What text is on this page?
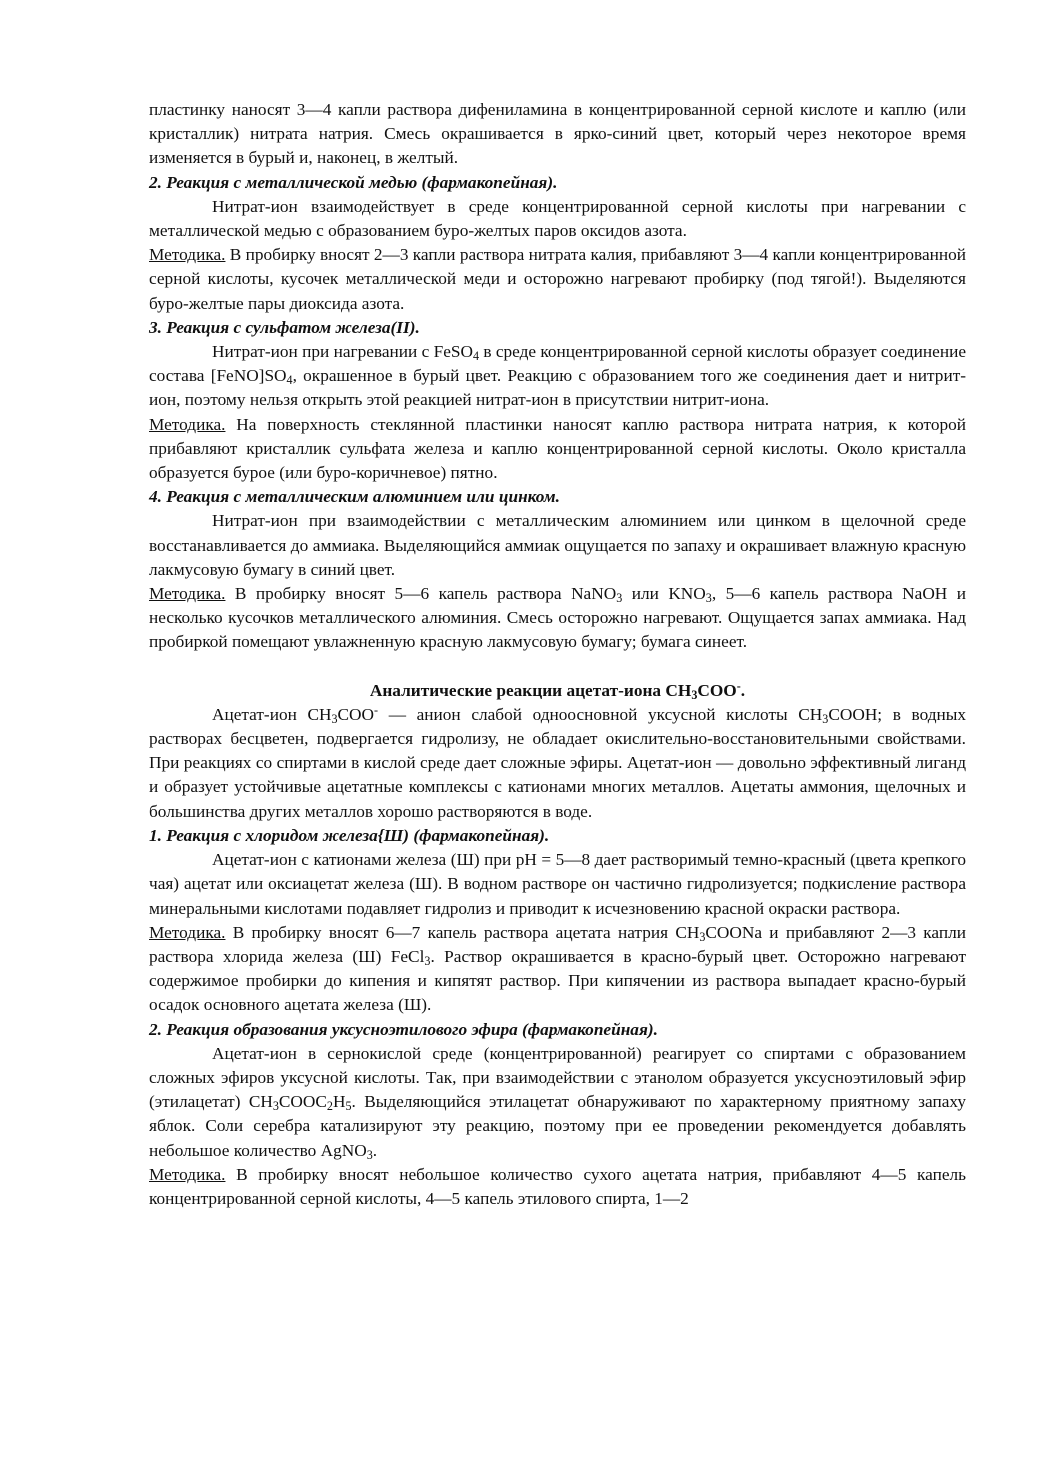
пластинку наносят 3—4 капли раствора дифениламина в концентрированной серной кислоте и каплю (или кристаллик) нитрата натрия. Смесь окрашивается в ярко-синий цвет, который через некоторое время изменяется в бурый и, наконец, в желтый.

2. Реакция с металлической медью (фармакопейная).

Нитрат-ион взаимодействует в среде концентрированной серной кислоты при нагревании с металлической медью с образованием буро-желтых паров оксидов азота.

Методика. В пробирку вносят 2—3 капли раствора нитрата калия, прибавляют 3—4 капли концентрированной серной кислоты, кусочек металлической меди и осторожно нагревают пробирку (под тягой!). Выделяются буро-желтые пары диоксида азота.

3. Реакция с сульфатом железа(II).

Нитрат-ион при нагревании с FeSO$_4$ в среде концентрированной серной кислоты образует соединение состава $[FeNO]SO_4$, окрашенное в бурый цвет. Реакцию с образованием того же соединения дает и нитрит-ион, поэтому нельзя открыть этой реакцией нитрат-ион в присутствии нитрит-иона.

Методика. На поверхность стеклянной пластинки наносят каплю раствора нитрата натрия, к которой прибавляют кристаллик сульфата железа и каплю концентрированной серной кислоты. Около кристалла образуется бурое (или буро-коричневое) пятно.

4. Реакция с металлическим алюминием или цинком.

Нитрат-ион при взаимодействии с металлическим алюминием или цинком в щелочной среде восстанавливается до аммиака. Выделяющийся аммиак ощущается по запаху и окрашивает влажную красную лакмусовую бумагу в синий цвет.

Методика. В пробирку вносят 5—6 капель раствора NaNO$_3$ или $KNO_3$, 5—6 капель раствора NaOH и несколько кусочков металлического алюминия. Смесь осторожно нагревают. Ощущается запах аммиака. Над пробиркой помещают увлажненную красную лакмусовую бумагу; бумага синеет.

Аналитические реакции ацетат-иона $CH_3COO^-$.

Ацетат-ион $CH_3COO^-$ — анион слабой одноосновной уксусной кислоты $CH_3COOH$; в водных растворах бесцветен, подвергается гидролизу, не обладает окислительно-восстановительными свойствами. При реакциях со спиртами в кислой среде дает сложные эфиры. Ацетат-ион — довольно эффективный лиганд и образует устойчивые ацетатные комплексы с катионами многих металлов. Ацетаты аммония, щелочных и большинства других металлов хорошо растворяются в воде.

1. Реакция с хлоридом железа{Ш) (фармакопейная).

Ацетат-ион с катионами железа (Ш) при рН = 5—8 дает растворимый темно-красный (цвета крепкого чая) ацетат или оксиацетат железа (Ш). В водном растворе он частично гидролизуется; подкисление раствора минеральными кислотами подавляет гидролиз и приводит к исчезновению красной окраски раствора.

Методика. В пробирку вносят 6—7 капель раствора ацетата натрия $CH_3COONa$ и прибавляют 2—3 капли раствора хлорида железа (Ш) FeCl$_3$. Раствор окрашивается в красно-бурый цвет. Осторожно нагревают содержимое пробирки до кипения и кипятят раствор. При кипячении из раствора выпадает красно-бурый осадок основного ацетата железа (Ш).

2. Реакция образования уксусноэтилового эфира (фармакопейная).

Ацетат-ион в сернокислой среде (концентрированной) реагирует со спиртами с образованием сложных эфиров уксусной кислоты. Так, при взаимодействии с этанолом образуется уксусноэтиловый эфир (этилацетат) $CH_3COOC_2H_5$. Выделяющийся этилацетат обнаруживают по характерному приятному запаху яблок. Соли серебра катализируют эту реакцию, поэтому при ее проведении рекомендуется добавлять небольшое количество AgNO$_3$.

Методика. В пробирку вносят небольшое количество сухого ацетата натрия, прибавляют 4—5 капель концентрированной серной кислоты, 4—5 капель этилового спирта, 1—2
